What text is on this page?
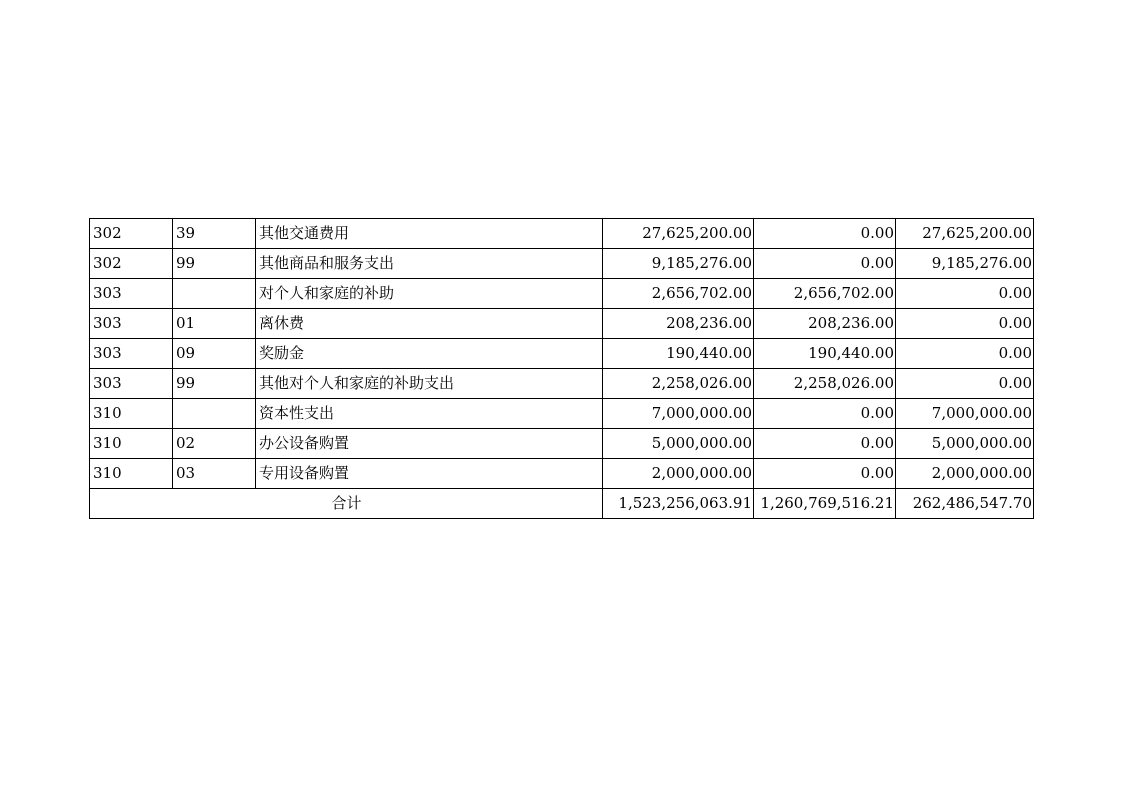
302	39	其他交通费用	27,625,200.00	0.00	27,625,200.00
302	99	其他商品和服务支出	9,185,276.00	0.00	9,185,276.00
303		对个人和家庭的补助	2,656,702.00	2,656,702.00	0.00
303	01	离休费	208,236.00	208,236.00	0.00
303	09	奖励金	190,440.00	190,440.00	0.00
303	99	其他对个人和家庭的补助支出	2,258,026.00	2,258,026.00	0.00
310		资本性支出	7,000,000.00	0.00	7,000,000.00
310	02	办公设备购置	5,000,000.00	0.00	5,000,000.00
310	03	专用设备购置	2,000,000.00	0.00	2,000,000.00
合计			1,523,256,063.91	1,260,769,516.21	262,486,547.70
